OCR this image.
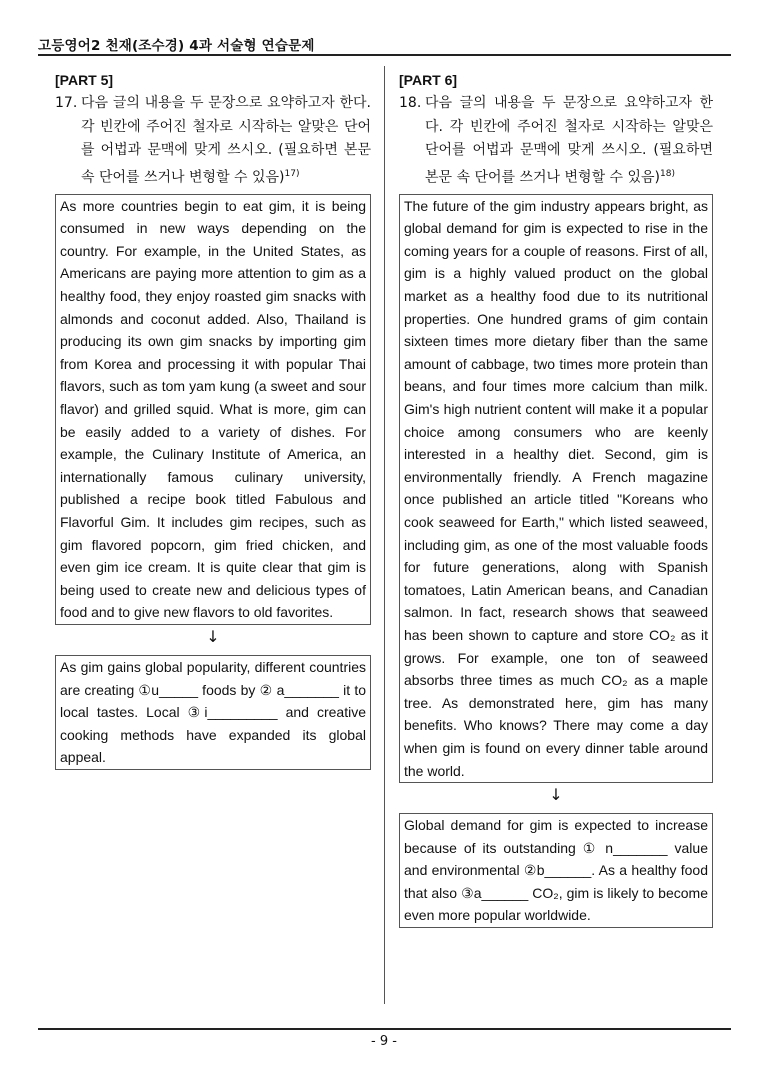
고등영어2 천재(조수경) 4과 서술형 연습문제
[PART 5]
17. 다음 글의 내용을 두 문장으로 요약하고자 한다. 각 빈칸에 주어진 철자로 시작하는 알맞은 단어를 어법과 문맥에 맞게 쓰시오. (필요하면 본문 속 단어를 쓰거나 변형할 수 있음)$^{17)}$
As more countries begin to eat gim, it is being consumed in new ways depending on the country. For example, in the United States, as Americans are paying more attention to gim as a healthy food, they enjoy roasted gim snacks with almonds and coconut added. Also, Thailand is producing its own gim snacks by importing gim from Korea and processing it with popular Thai flavors, such as tom yam kung (a sweet and sour flavor) and grilled squid. What is more, gim can be easily added to a variety of dishes. For example, the Culinary Institute of America, an internationally famous culinary university, published a recipe book titled Fabulous and Flavorful Gim. It includes gim recipes, such as gim flavored popcorn, gim fried chicken, and even gim ice cream. It is quite clear that gim is being used to create new and delicious types of food and to give new flavors to old favorites.
↓
As gim gains global popularity, different countries are creating ①u_____ foods by ② a_______ it to local tastes. Local ③i_________ and creative cooking methods have expanded its global appeal.
[PART 6]
18. 다음 글의 내용을 두 문장으로 요약하고자 한다. 각 빈칸에 주어진 철자로 시작하는 알맞은 단어를 어법과 문맥에 맞게 쓰시오. (필요하면 본문 속 단어를 쓰거나 변형할 수 있음)$^{18)}$
The future of the gim industry appears bright, as global demand for gim is expected to rise in the coming years for a couple of reasons. First of all, gim is a highly valued product on the global market as a healthy food due to its nutritional properties. One hundred grams of gim contain sixteen times more dietary fiber than the same amount of cabbage, two times more protein than beans, and four times more calcium than milk. Gim's high nutrient content will make it a popular choice among consumers who are keenly interested in a healthy diet. Second, gim is environmentally friendly. A French magazine once published an article titled "Koreans who cook seaweed for Earth," which listed seaweed, including gim, as one of the most valuable foods for future generations, along with Spanish tomatoes, Latin American beans, and Canadian salmon. In fact, research shows that seaweed has been shown to capture and store CO₂ as it grows. For example, one ton of seaweed absorbs three times as much CO₂ as a maple tree. As demonstrated here, gim has many benefits. Who knows? There may come a day when gim is found on every dinner table around the world.
↓
Global demand for gim is expected to increase because of its outstanding ① n_______ value and environmental ②b______. As a healthy food that also ③a______ CO₂, gim is likely to become even more popular worldwide.
- 9 -
